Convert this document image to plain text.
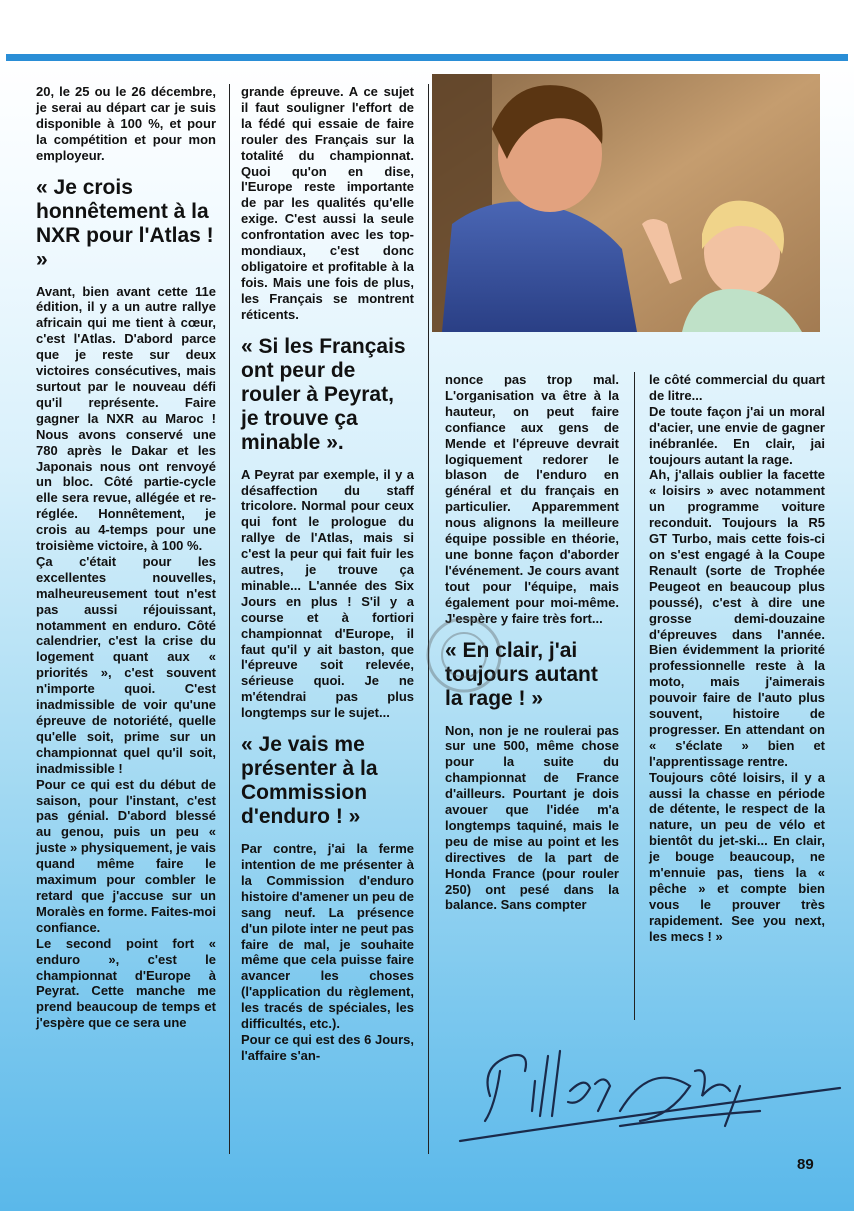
20, le 25 ou le 26 décembre, je serai au départ car je suis disponible à 100 %, et pour la compétition et pour mon employeur.

« Je crois honnêtement à la NXR pour l'Atlas ! »

Avant, bien avant cette 11e édition, il y a un autre rallye africain qui me tient à cœur, c'est l'Atlas. D'abord parce que je reste sur deux victoires consécutives, mais surtout par le nouveau défi qu'il représente. Faire gagner la NXR au Maroc ! Nous avons conservé une 780 après le Dakar et les Japonais nous ont renvoyé un bloc. Côté partie-cycle elle sera revue, allégée et re-réglée. Honnêtement, je crois au 4-temps pour une troisième victoire, à 100 %.

Ça c'était pour les excellentes nouvelles, malheureusement tout n'est pas aussi réjouissant, notamment en enduro. Côté calendrier, c'est la crise du logement quant aux « priorités », c'est souvent n'importe quoi. C'est inadmissible de voir qu'une épreuve de notoriété, quelle qu'elle soit, prime sur un championnat quel qu'il soit, inadmissible !

Pour ce qui est du début de saison, pour l'instant, c'est pas génial. D'abord blessé au genou, puis un peu « juste » physiquement, je vais quand même faire le maximum pour combler le retard que j'accuse sur un Moralès en forme. Faites-moi confiance.

Le second point fort « enduro », c'est le championnat d'Europe à Peyrat. Cette manche me prend beaucoup de temps et j'espère que ce sera une

grande épreuve. A ce sujet il faut souligner l'effort de la fédé qui essaie de faire rouler des Français sur la totalité du championnat. Quoi qu'on en dise, l'Europe reste importante de par les qualités qu'elle exige. C'est aussi la seule confrontation avec les top-mondiaux, c'est donc obligatoire et profitable à la fois. Mais une fois de plus, les Français se montrent réticents.

« Si les Français ont peur de rouler à Peyrat, je trouve ça minable ».

A Peyrat par exemple, il y a désaffection du staff tricolore. Normal pour ceux qui font le prologue du rallye de l'Atlas, mais si c'est la peur qui fait fuir les autres, je trouve ça minable... L'année des Six Jours en plus ! S'il y a course et à fortiori championnat d'Europe, il faut qu'il y ait baston, que l'épreuve soit relevée, sérieuse quoi. Je ne m'étendrai pas plus longtemps sur le sujet...

« Je vais me présenter à la Commission d'enduro ! »

Par contre, j'ai la ferme intention de me présenter à la Commission d'enduro histoire d'amener un peu de sang neuf. La présence d'un pilote inter ne peut pas faire de mal, je souhaite même que cela puisse faire avancer les choses (l'application du règlement, les tracés de spéciales, les difficultés, etc.).

Pour ce qui est des 6 Jours, l'affaire s'an-

nonce pas trop mal. L'organisation va être à la hauteur, on peut faire confiance aux gens de Mende et l'épreuve devrait logiquement redorer le blason de l'enduro en général et du français en particulier. Apparemment nous alignons la meilleure équipe possible en théorie, une bonne façon d'aborder l'événement. Je cours avant tout pour l'équipe, mais également pour moi-même. J'espère y faire très fort...

« En clair, j'ai toujours autant la rage ! »

Non, non je ne roulerai pas sur une 500, même chose pour la suite du championnat de France d'ailleurs. Pourtant je dois avouer que l'idée m'a longtemps taquiné, mais le peu de mise au point et les directives de la part de Honda France (pour rouler 250) ont pesé dans la balance. Sans compter

le côté commercial du quart de litre...

De toute façon j'ai un moral d'acier, une envie de gagner inébranlée. En clair, jai toujours autant la rage.

Ah, j'allais oublier la facette « loisirs » avec notamment un programme voiture reconduit. Toujours la R5 GT Turbo, mais cette fois-ci on s'est engagé à la Coupe Renault (sorte de Trophée Peugeot en beaucoup plus poussé), c'est à dire une grosse demi-douzaine d'épreuves dans l'année. Bien évidemment la priorité professionnelle reste à la moto, mais j'aimerais pouvoir faire de l'auto plus souvent, histoire de progresser. En attendant on « s'éclate » bien et l'apprentissage rentre.

Toujours côté loisirs, il y a aussi la chasse en période de détente, le respect de la nature, un peu de vélo et bientôt du jet-ski... En clair, je bouge beaucoup, ne m'ennuie pas, tiens la « pêche » et compte bien vous le prouver très rapidement. See you next, les mecs ! »

89
